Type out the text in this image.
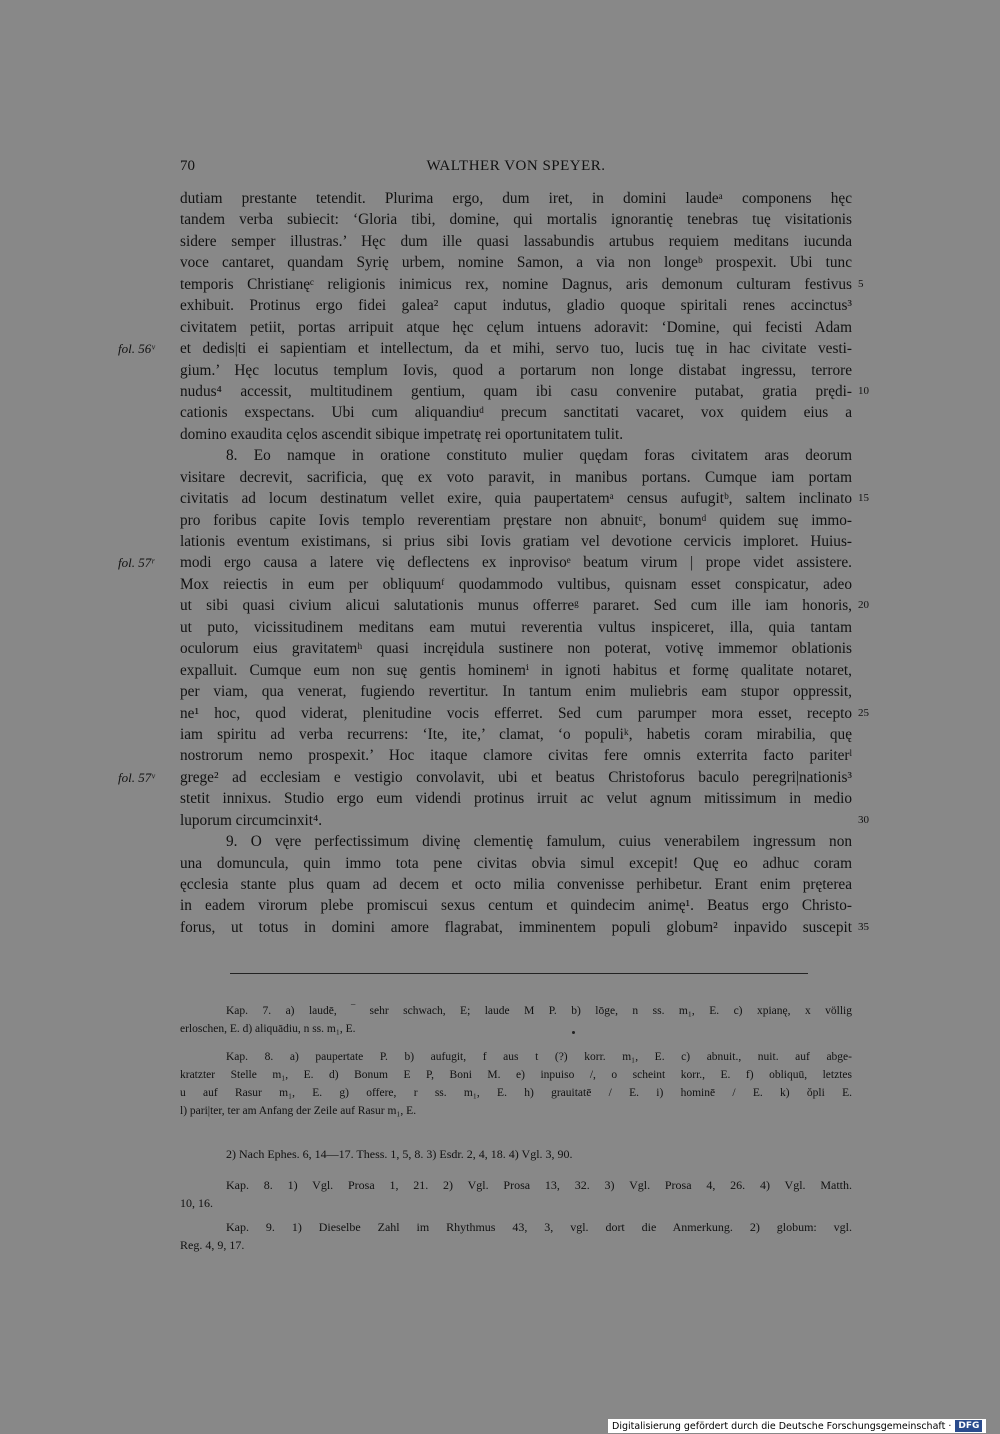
70	WALTHER VON SPEYER.
dutiam prestante tetendit. Plurima ergo, dum iret, in domini laudeᵃ componens hęc
tandem verba subiecit: ‘Gloria tibi, domine, qui mortalis ignorantię tenebras tuę visitationis
sidere semper illustras.’ Hęc dum ille quasi lassabundis artubus requiem meditans iucunda
voce cantaret, quandam Syrię urbem, nomine Samon, a via non longeᵇ prospexit. Ubi tunc
temporis Christianęᶜ religionis inimicus rex, nomine Dagnus, aris demonum culturam festivus 5
exhibuit. Protinus ergo fidei galea² caput indutus, gladio quoque spiritali renes accinctus³
civitatem petiit, portas arripuit atque hęc cęlum intuens adoravit: ‘Domine, qui fecisti Adam
et dedis|ti ei sapientiam et intellectum, da et mihi, servo tuo, lucis tuę in hac civitate vesti-
fol. 56ᵛ
gium.’ Hęc locutus templum Iovis, quod a portarum non longe distabat ingressu, terrore
nudus⁴ accessit, multitudinem gentium, quam ibi casu convenire putabat, gratia prędi- 10
cationis exspectans. Ubi cum aliquandiuᵈ precum sanctitati vacaret, vox quidem eius a
domino exaudita cęlos ascendit sibique impetratę rei oportunitatem tulit.
8. Eo namque in oratione constituto mulier quędam foras civitatem aras deorum
visitare decrevit, sacrificia, quę ex voto paravit, in manibus portans. Cumque iam portam
civitatis ad locum destinatum vellet exire, quia paupertatemᵃ census aufugitᵇ, saltem inclinato 15
pro foribus capite Iovis templo reverentiam pręstare non abnuitᶜ, bonumᵈ quidem suę immo-
lationis eventum existimans, si prius sibi Iovis gratiam vel devotione cervicis imploret. Huius-
modi ergo causa a latere vię deflectens ex inprovisoᵉ beatum virum | prope videt assistere.
fol. 57ʳ
Mox reiectis in eum per obliquumᶠ quodammodo vultibus, quisnam esset conspicatur, adeo
ut sibi quasi civium alicui salutationis munus offerreᵍ pararet. Sed cum ille iam honoris, 20
ut puto, vicissitudinem meditans eam mutui reverentia vultus inspiceret, illa, quia tantam
oculorum eius gravitatemʰ quasi incręidula sustinere non poterat, votivę immemor oblationis
expalluit. Cumque eum non suę gentis hominemⁱ in ignoti habitus et formę qualitate notaret,
per viam, qua venerat, fugiendo revertitur. In tantum enim muliebris eam stupor oppressit,
ne¹ hoc, quod viderat, plenitudine vocis efferret. Sed cum parumper mora esset, recepto 25
iam spiritu ad verba recurrens: ‘Ite, ite,’ clamat, ‘o populiᵏ, habetis coram mirabilia, quę
nostrorum nemo prospexit.’ Hoc itaque clamore civitas fere omnis exterrita facto pariterˡ
grege² ad ecclesiam e vestigio convolavit, ubi et beatus Christoforus baculo peregri|nationis³
fol. 57ᵛ
stetit innixus. Studio ergo eum videndi protinus irruit ac velut agnum mitissimum in medio
luporum circumcinxit⁴.	30
9. O vęre perfectissimum divinę clementię famulum, cuius venerabilem ingressum non
una domuncula, quin immo tota pene civitas obvia simul excepit! Quę eo adhuc coram
ęcclesia stante plus quam ad decem et octo milia convenisse perhibetur. Erant enim pręterea
in eadem virorum plebe promiscui sexus centum et quindecim animę¹. Beatus ergo Christo-
forus, ut totus in domini amore flagrabat, imminentem populi globum² inpavido suscepit 35
Kap. 7. a) laudē, ‾ sehr schwach, E; laude M P. b) lōge, n ss. m₁, E. c) xpianę, x völlig
erloschen, E. d) aliquādiu, n ss. m₁, E.
Kap. 8. a) paupertate P. b) aufugit, f aus t (?) korr. m₁, E. c) abnuit., nuit. auf abge-
kratzter Stelle m₁, E. d) Bonum E P, Boni M. e) inpuiso /, o scheint korr., E. f) obliquū, letztes
u auf Rasur m₁, E. g) offere, r ss. m₁, E. h) grauitatē / E. i) hominē / E. k) ŏpli E.
l) pari|ter, ter am Anfang der Zeile auf Rasur m₁, E.
2) Nach Ephes. 6, 14—17. Thess. 1, 5, 8. 3) Esdr. 2, 4, 18. 4) Vgl. 3, 90.
Kap. 8. 1) Vgl. Prosa 1, 21. 2) Vgl. Prosa 13, 32. 3) Vgl. Prosa 4, 26. 4) Vgl. Matth.
10, 16.
Kap. 9. 1) Dieselbe Zahl im Rhythmus 43, 3, vgl. dort die Anmerkung. 2) globum: vgl.
Reg. 4, 9, 17.
Digitalisierung gefördert durch die Deutsche Forschungsgemeinschaft · DFG
